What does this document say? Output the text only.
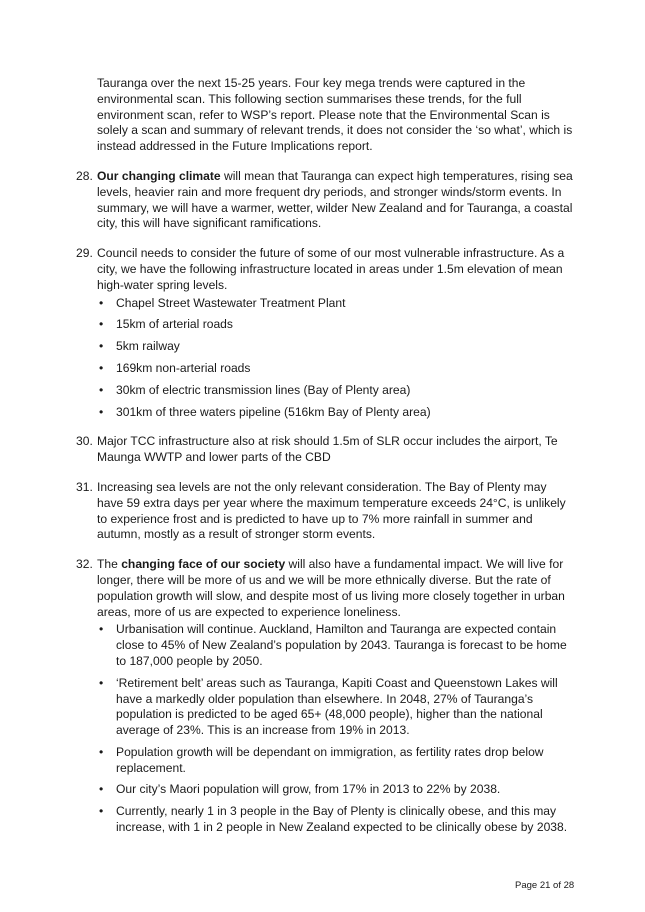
Tauranga over the next 15-25 years. Four key mega trends were captured in the environmental scan. This following section summarises these trends, for the full environment scan, refer to WSP’s report. Please note that the Environmental Scan is solely a scan and summary of relevant trends, it does not consider the ‘so what’, which is instead addressed in the Future Implications report.

28. Our changing climate will mean that Tauranga can expect high temperatures, rising sea levels, heavier rain and more frequent dry periods, and stronger winds/storm events. In summary, we will have a warmer, wetter, wilder New Zealand and for Tauranga, a coastal city, this will have significant ramifications.

29. Council needs to consider the future of some of our most vulnerable infrastructure. As a city, we have the following infrastructure located in areas under 1.5m elevation of mean high-water spring levels.

• Chapel Street Wastewater Treatment Plant
• 15km of arterial roads
• 5km railway
• 169km non-arterial roads
• 30km of electric transmission lines (Bay of Plenty area)
• 301km of three waters pipeline (516km Bay of Plenty area)
30. Major TCC infrastructure also at risk should 1.5m of SLR occur includes the airport, Te Maunga WWTP and lower parts of the CBD

31. Increasing sea levels are not the only relevant consideration. The Bay of Plenty may have 59 extra days per year where the maximum temperature exceeds 24°C, is unlikely to experience frost and is predicted to have up to 7% more rainfall in summer and autumn, mostly as a result of stronger storm events.

32. The changing face of our society will also have a fundamental impact. We will live for longer, there will be more of us and we will be more ethnically diverse. But the rate of population growth will slow, and despite most of us living more closely together in urban areas, more of us are expected to experience loneliness.

• Urbanisation will continue. Auckland, Hamilton and Tauranga are expected contain close to 45% of New Zealand’s population by 2043. Tauranga is forecast to be home to 187,000 people by 2050.
• ‘Retirement belt’ areas such as Tauranga, Kapiti Coast and Queenstown Lakes will have a markedly older population than elsewhere. In 2048, 27% of Tauranga’s population is predicted to be aged 65+ (48,000 people), higher than the national average of 23%. This is an increase from 19% in 2013.
• Population growth will be dependant on immigration, as fertility rates drop below replacement.
• Our city’s Maori population will grow, from 17% in 2013 to 22% by 2038.
• Currently, nearly 1 in 3 people in the Bay of Plenty is clinically obese, and this may increase, with 1 in 2 people in New Zealand expected to be clinically obese by 2038.
Page 21 of 28
